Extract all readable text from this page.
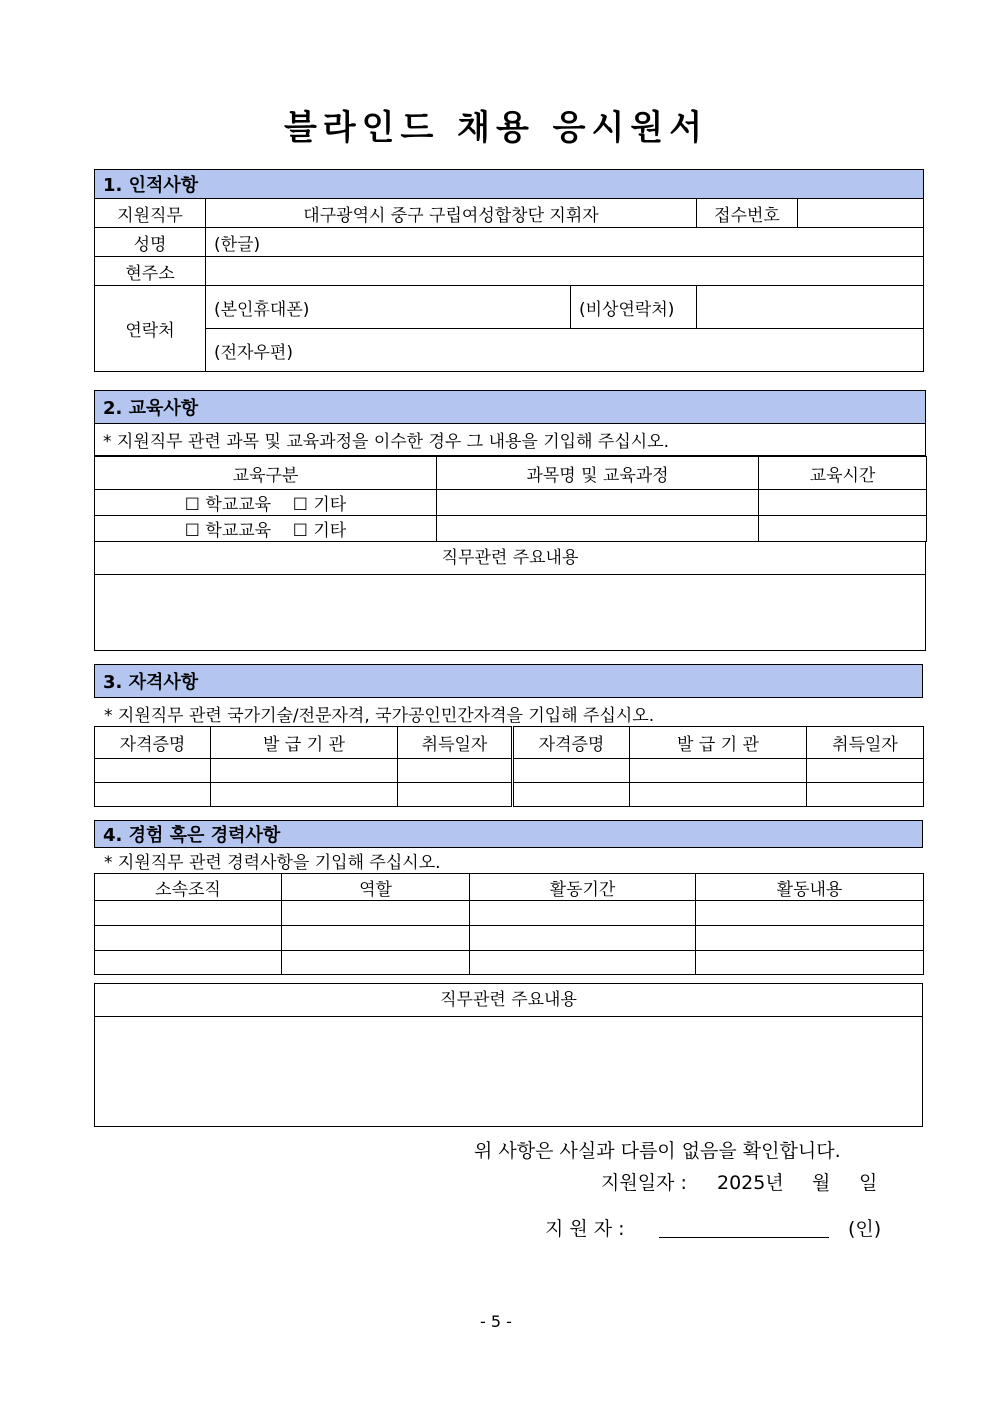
블라인드 채용 응시원서
1. 인적사항				
지원직무	대구광역시 중구 구립여성합창단 지휘자		접수번호	
성명	(한글)			
현주소				
연락처	(본인휴대폰)	(비상연락처)		
	(전자우편)			
2. 교육사항
* 지원직무 관련 과목 및 교육과정을 이수한 경우 그 내용을 기입해 주십시오.
교육구분	과목명 및 교육과정	교육시간
☐ 학교교육 ☐ 기타		
☐ 학교교육 ☐ 기타		
직무관련 주요내용
3. 자격사항
* 지원직무 관련 국가기술/전문자격, 국가공인민간자격을 기입해 주십시오.
자격증명	발 급 기 관	취득일자	자격증명	발 급 기 관	취득일자

4. 경험 혹은 경력사항
* 지원직무 관련 경력사항을 기입해 주십시오.
소속조직	역할	활동기간	활동내용

직무관련 주요내용
위 사항은 사실과 다름이 없음을 확인합니다.
지원일자 : 2025년 월 일
지 원 자 :	(인)
- 5 -
